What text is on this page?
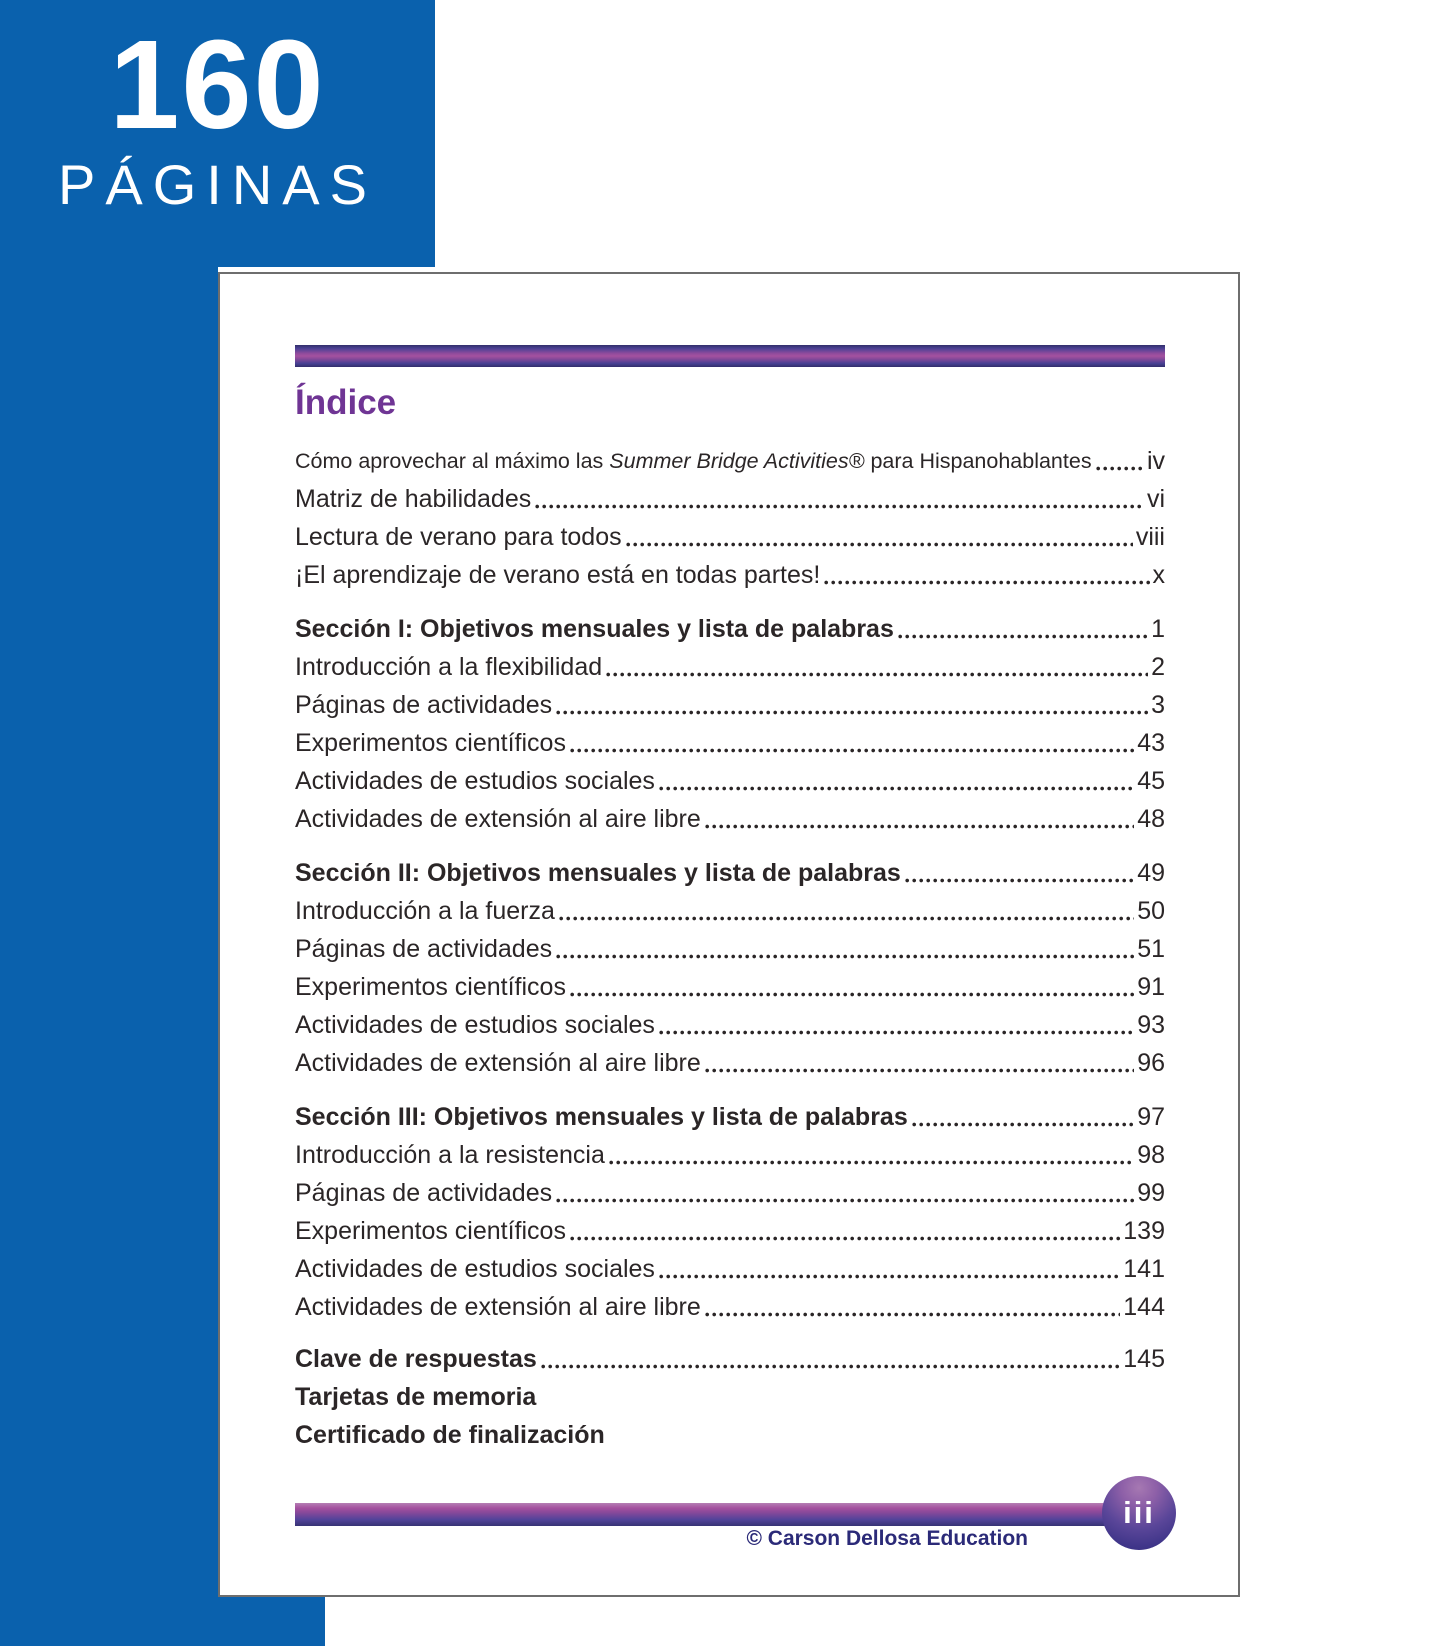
160
PÁGINAS
Índice
Cómo aprovechar al máximo las Summer Bridge Activities® para Hispanohablantes iv
Matriz de habilidades	vi
Lectura de verano para todos	viii
¡El aprendizaje de verano está en todas partes!	x
Sección I: Objetivos mensuales y lista de palabras	1
Introducción a la flexibilidad	2
Páginas de actividades	3
Experimentos científicos	43
Actividades de estudios sociales	45
Actividades de extensión al aire libre	48
Sección II: Objetivos mensuales y lista de palabras	49
Introducción a la fuerza	50
Páginas de actividades	51
Experimentos científicos	91
Actividades de estudios sociales	93
Actividades de extensión al aire libre	96
Sección III: Objetivos mensuales y lista de palabras	97
Introducción a la resistencia	98
Páginas de actividades	99
Experimentos científicos	139
Actividades de estudios sociales	141
Actividades de extensión al aire libre	144
Clave de respuestas	145
Tarjetas de memoria
Certificado de finalización
© Carson Dellosa Education
iii
